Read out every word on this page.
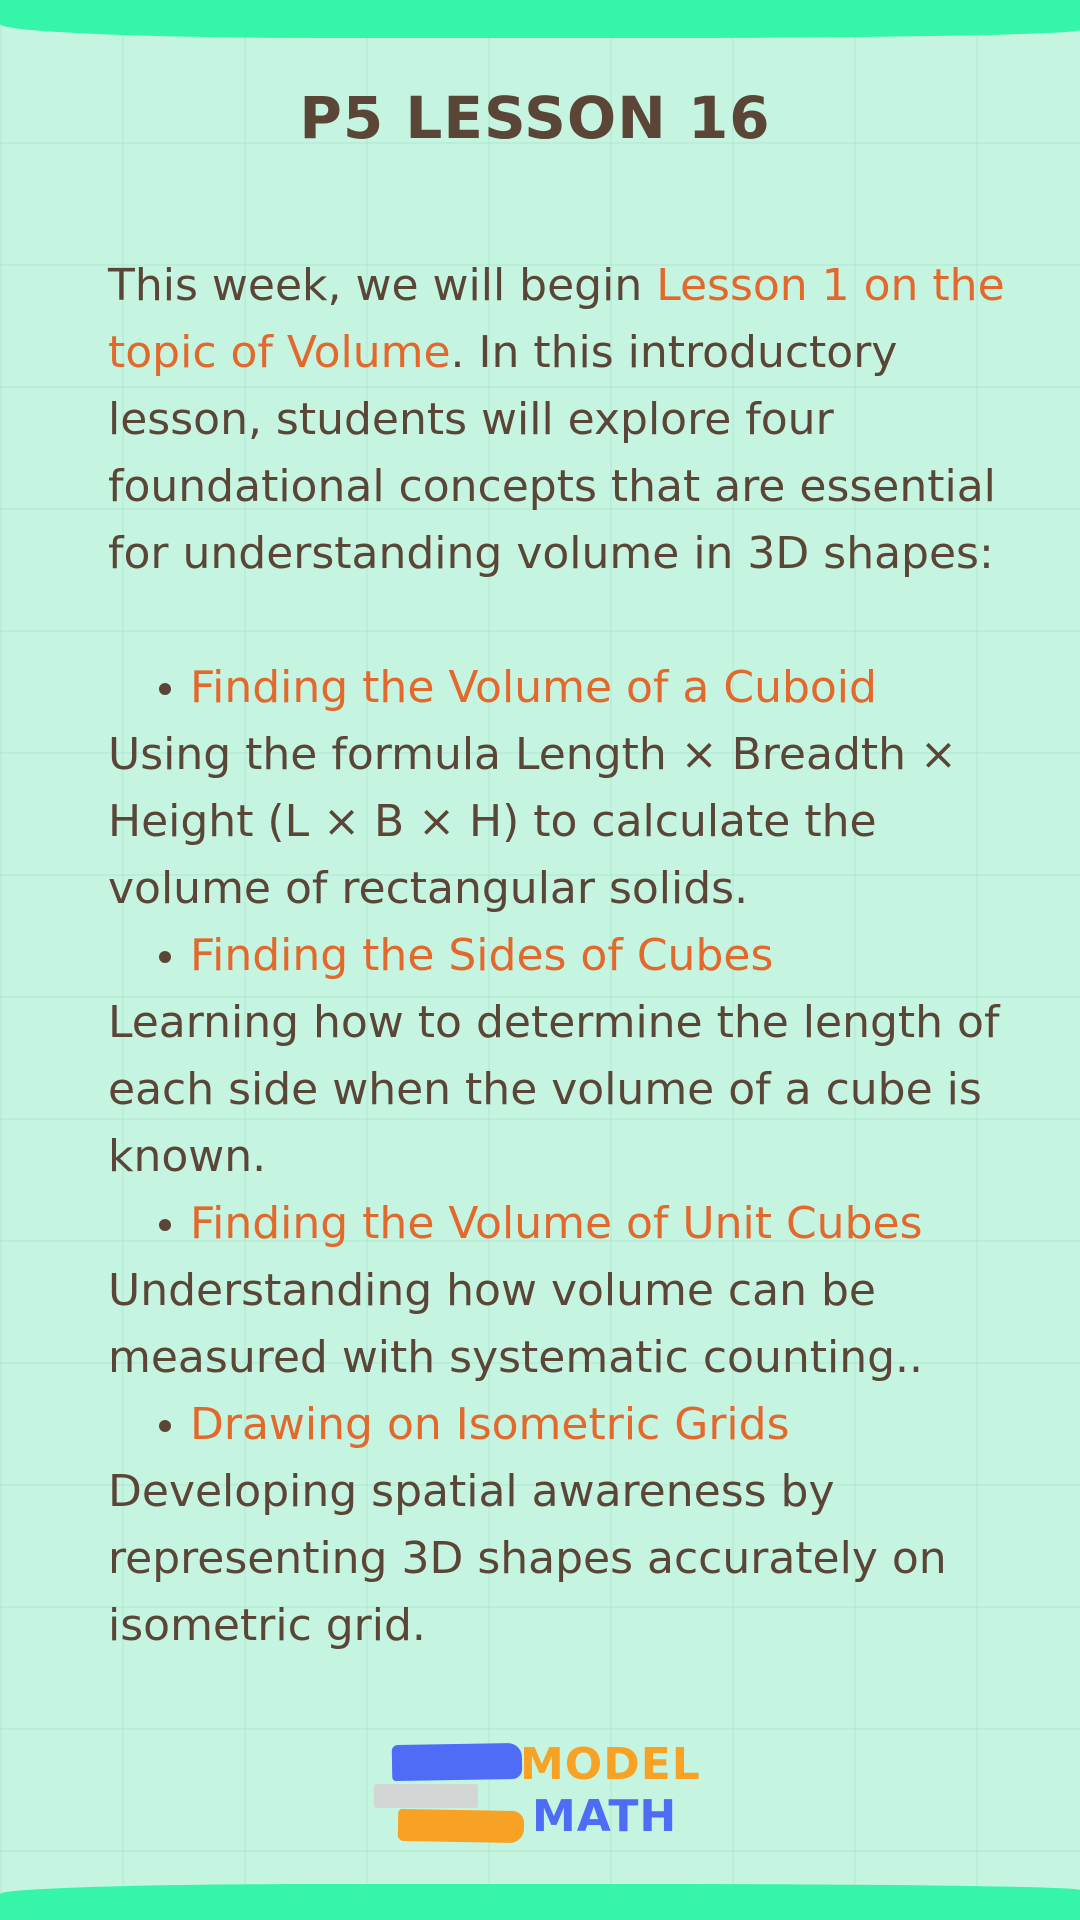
P5 LESSON 16

This week, we will begin Lesson 1 on the topic of Volume. In this introductory lesson, students will explore four foundational concepts that are essential for understanding volume in 3D shapes:

Finding the Volume of a Cuboid

Using the formula Length × Breadth × Height (L × B × H) to calculate the volume of rectangular solids.

Finding the Sides of Cubes

Learning how to determine the length of each side when the volume of a cube is known.

Finding the Volume of Unit Cubes

Understanding how volume can be measured with systematic counting..

Drawing on Isometric Grids

Developing spatial awareness by representing 3D shapes accurately on isometric grid.

MODEL
MATH
